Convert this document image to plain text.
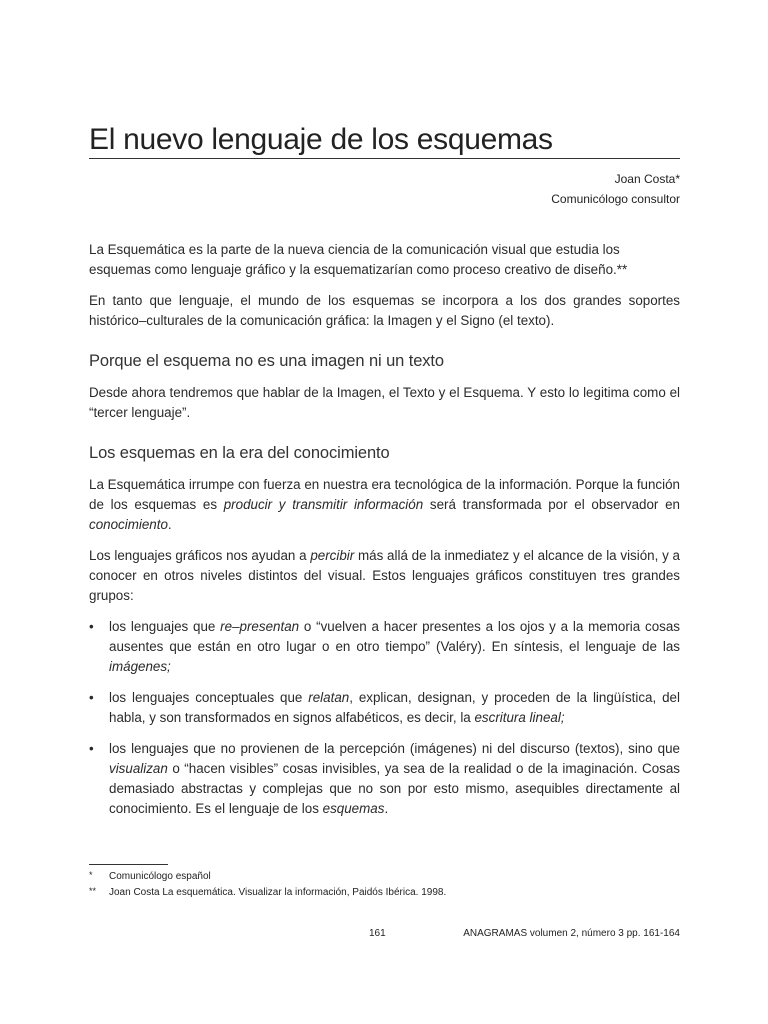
El nuevo lenguaje de los esquemas
Joan Costa*
Comunicólogo consultor

La Esquemática es la parte de la nueva ciencia de la comunicación visual que estudia los esquemas como lenguaje gráfico y la esquematizarían como proceso creativo de diseño.**

En tanto que lenguaje, el mundo de los esquemas se incorpora a los dos grandes soportes histórico–culturales de la comunicación gráfica: la Imagen y el Signo (el texto).

Porque el esquema no es una imagen ni un texto

Desde ahora tendremos que hablar de la Imagen, el Texto y el Esquema. Y esto lo legitima como el “tercer lenguaje”.

Los esquemas en la era del conocimiento

La Esquemática irrumpe con fuerza en nuestra era tecnológica de la información. Porque la función de los esquemas es producir y transmitir información será transformada por el observador en conocimiento.

Los lenguajes gráficos nos ayudan a percibir más allá de la inmediatez y el alcance de la visión, y a conocer en otros niveles distintos del visual. Estos lenguajes gráficos constituyen tres grandes grupos:

• los lenguajes que re–presentan o “vuelven a hacer presentes a los ojos y a la memoria cosas ausentes que están en otro lugar o en otro tiempo” (Valéry). En síntesis, el lenguaje de las imágenes;
• los lenguajes conceptuales que relatan, explican, designan, y proceden de la lingüística, del habla, y son transformados en signos alfabéticos, es decir, la escritura lineal;
• los lenguajes que no provienen de la percepción (imágenes) ni del discurso (textos), sino que visualizan o “hacen visibles” cosas invisibles, ya sea de la realidad o de la imaginación. Cosas demasiado abstractas y complejas que no son por esto mismo, asequibles directamente al conocimiento. Es el lenguaje de los esquemas.
* Comunicólogo español
** Joan Costa La esquemática. Visualizar la información, Paidós Ibérica. 1998.
161	ANAGRAMAS volumen 2, número 3 pp. 161-164
